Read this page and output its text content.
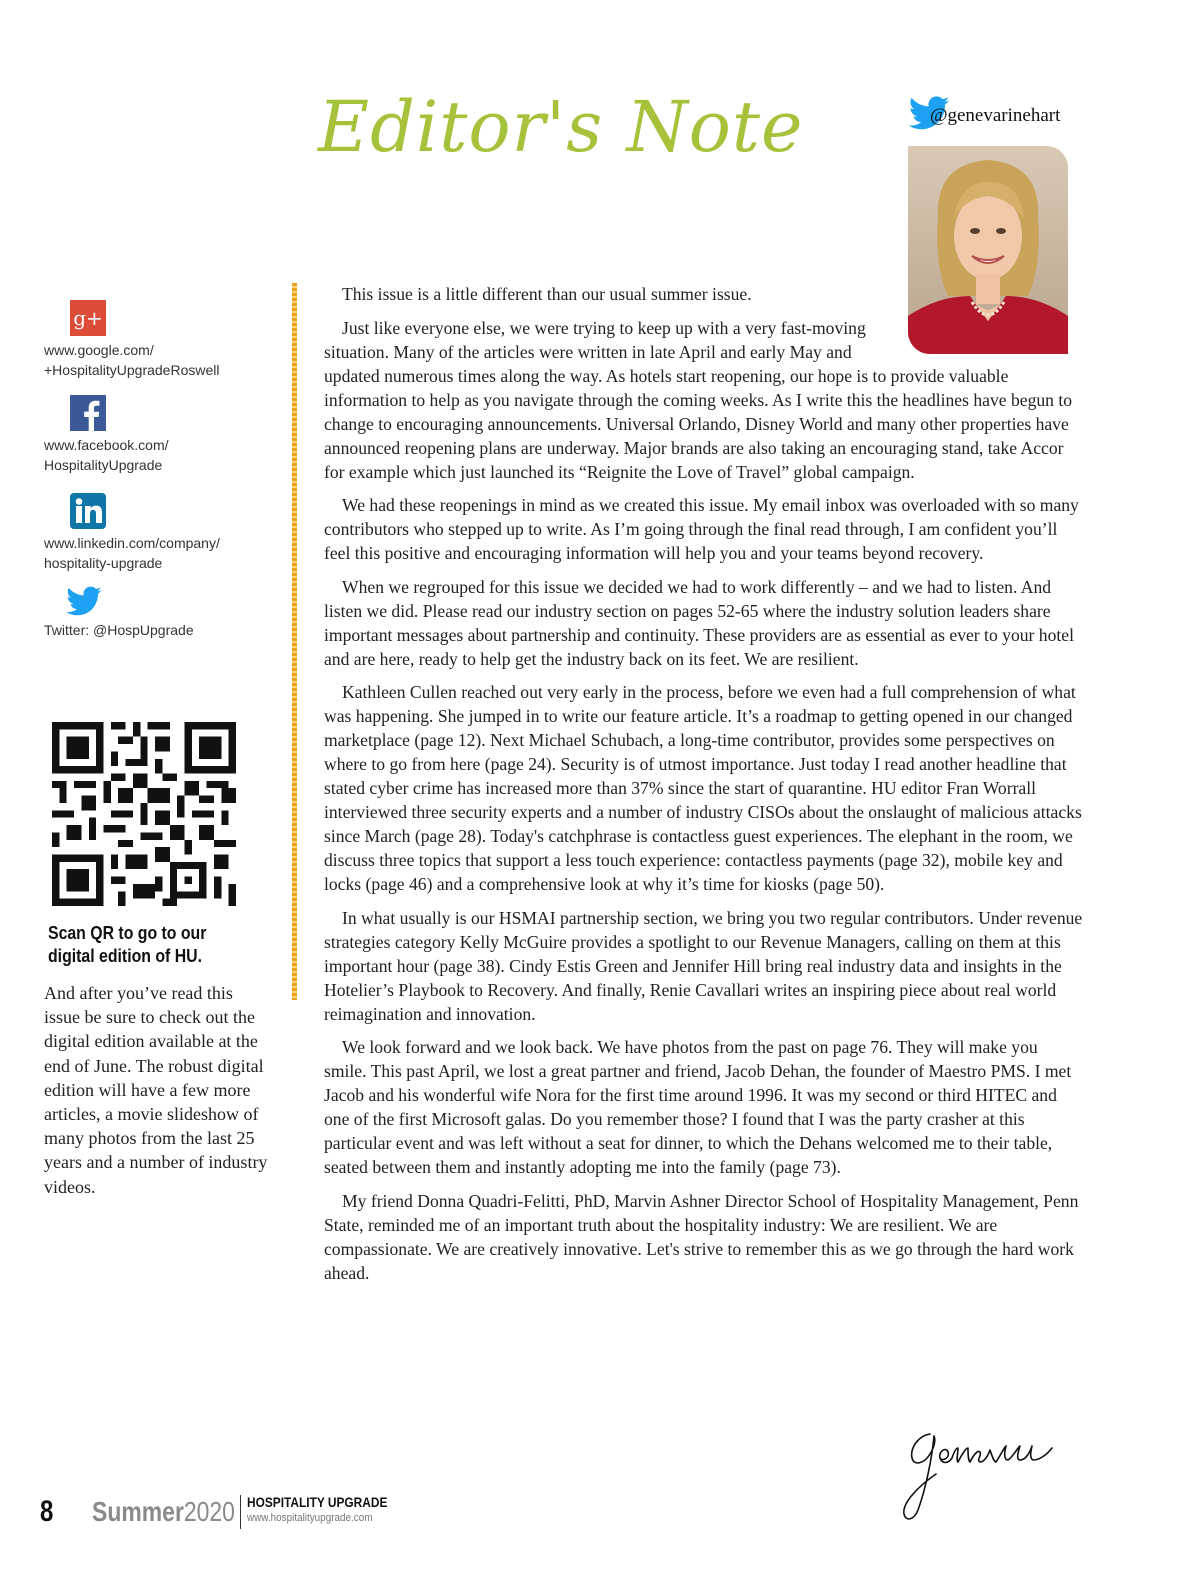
Editor's Note	@genevarinehart
g+
www.google.com/
+HospitalityUpgradeRoswell
www.facebook.com/
HospitalityUpgrade
www.linkedin.com/company/
hospitality-upgrade
Twitter: @HospUpgrade
Scan QR to go to our digital edition of HU.
And after you’ve read this issue be sure to check out the digital edition available at the end of June. The robust digital edition will have a few more articles, a movie slideshow of many photos from the last 25 years and a number of industry videos.

This issue is a little different than our usual summer issue.

Just like everyone else, we were trying to keep up with a very fast-moving situation. Many of the articles were written in late April and early May and updated numerous times along the way. As hotels start reopening, our hope is to provide valuable information to help as you navigate through the coming weeks. As I write this the headlines have begun to change to encouraging announcements. Universal Orlando, Disney World and many other properties have announced reopening plans are underway. Major brands are also taking an encouraging stand, take Accor for example which just launched its “Reignite the Love of Travel” global campaign.

We had these reopenings in mind as we created this issue. My email inbox was overloaded with so many contributors who stepped up to write. As I’m going through the final read through, I am confident you’ll feel this positive and encouraging information will help you and your teams beyond recovery.

When we regrouped for this issue we decided we had to work differently – and we had to listen. And listen we did. Please read our industry section on pages 52-65 where the industry solution leaders share important messages about partnership and continuity. These providers are as essential as ever to your hotel and are here, ready to help get the industry back on its feet. We are resilient.

Kathleen Cullen reached out very early in the process, before we even had a full comprehension of what was happening. She jumped in to write our feature article. It’s a roadmap to getting opened in our changed marketplace (page 12). Next Michael Schubach, a long-time contributor, provides some perspectives on where to go from here (page 24). Security is of utmost importance. Just today I read another headline that stated cyber crime has increased more than 37% since the start of quarantine. HU editor Fran Worrall interviewed three security experts and a number of industry CISOs about the onslaught of malicious attacks since March (page 28). Today's catchphrase is contactless guest experiences. The elephant in the room, we discuss three topics that support a less touch experience: contactless payments (page 32), mobile key and locks (page 46) and a comprehensive look at why it’s time for kiosks (page 50).

In what usually is our HSMAI partnership section, we bring you two regular contributors. Under revenue strategies category Kelly McGuire provides a spotlight to our Revenue Managers, calling on them at this important hour (page 38). Cindy Estis Green and Jennifer Hill bring real industry data and insights in the Hotelier’s Playbook to Recovery. And finally, Renie Cavallari writes an inspiring piece about real world reimagination and innovation.

We look forward and we look back. We have photos from the past on page 76. They will make you smile. This past April, we lost a great partner and friend, Jacob Dehan, the founder of Maestro PMS. I met Jacob and his wonderful wife Nora for the first time around 1996. It was my second or third HITEC and one of the first Microsoft galas. Do you remember those? I found that I was the party crasher at this particular event and was left without a seat for dinner, to which the Dehans welcomed me to their table, seated between them and instantly adopting me into the family (page 73).

My friend Donna Quadri-Felitti, PhD, Marvin Ashner Director School of Hospitality Management, Penn State, reminded me of an important truth about the hospitality industry: We are resilient. We are compassionate. We are creatively innovative. Let's strive to remember this as we go through the hard work ahead.

8	Summer2020 HOSPITALITY UPGRADE
www.hospitalityupgrade.com
